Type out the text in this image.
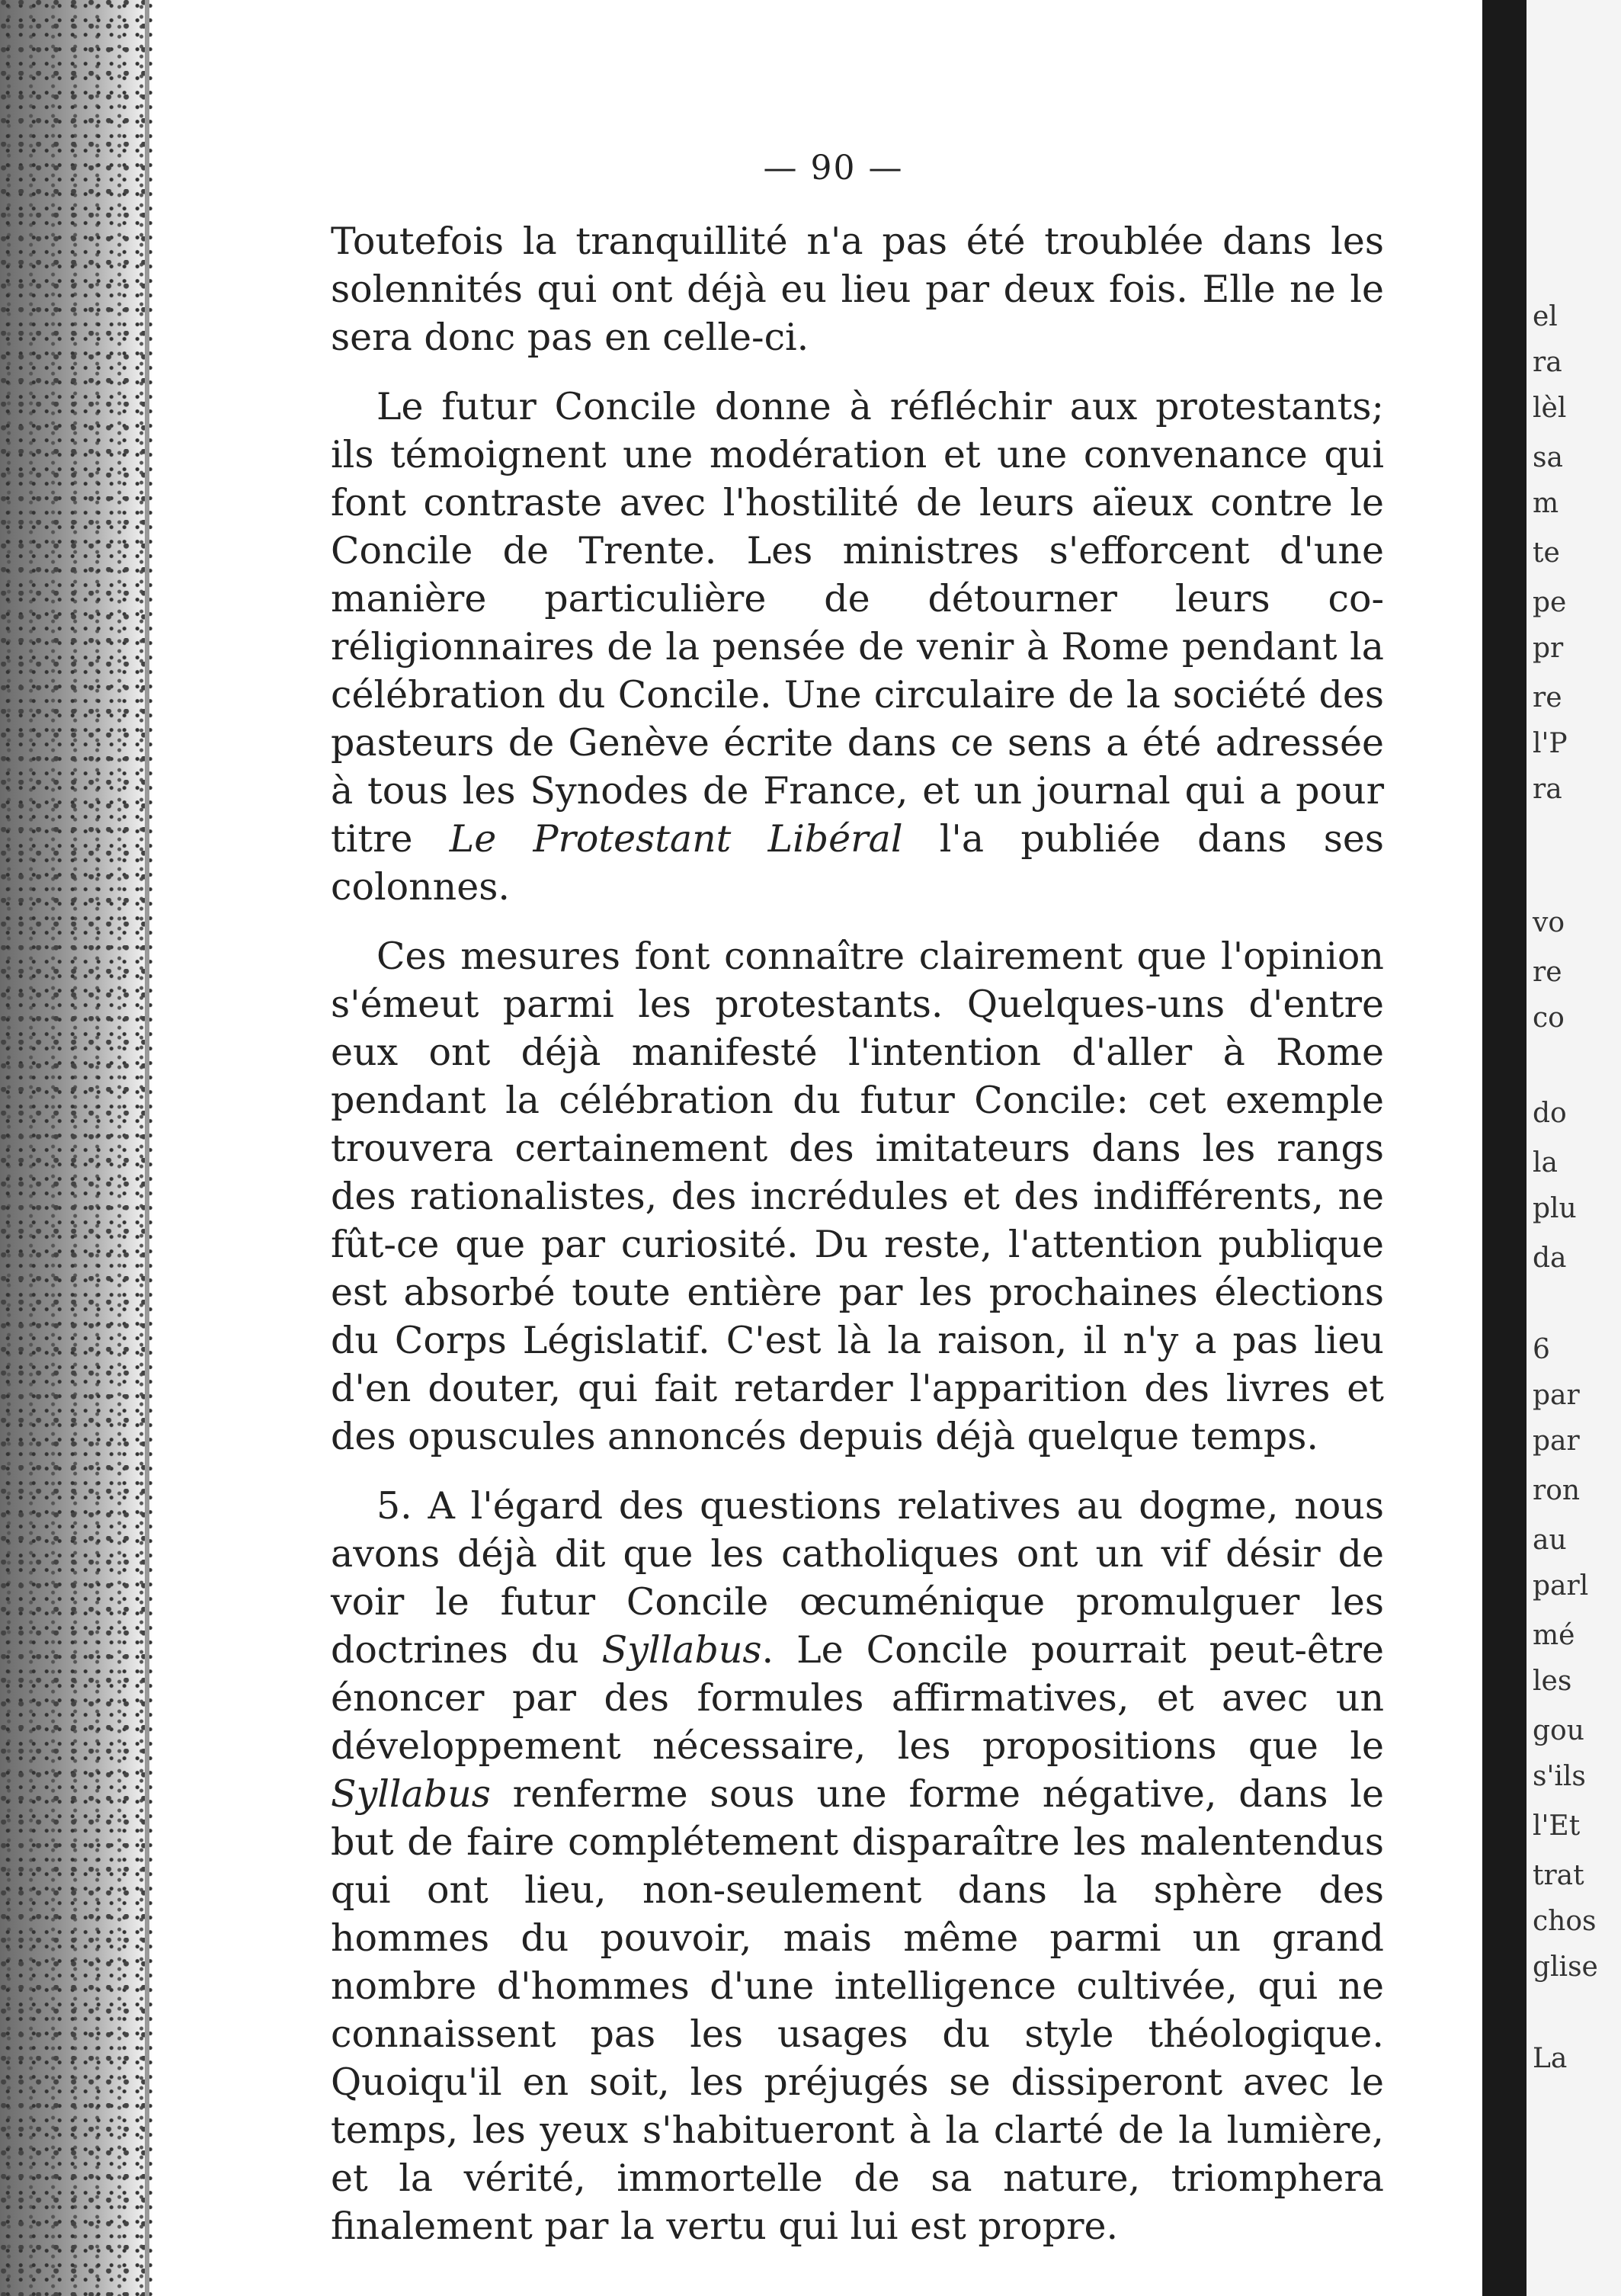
— 90 —

Toutefois la tranquillité n'a pas été troublée dans les solennités qui ont déjà eu lieu par deux fois. Elle ne le sera donc pas en celle-ci.

Le futur Concile donne à réfléchir aux protestants; ils témoignent une modération et une convenance qui font contraste avec l'hostilité de leurs aïeux contre le Concile de Trente. Les ministres s'efforcent d'une manière particulière de détourner leurs co-réligionnaires de la pensée de venir à Rome pendant la célébration du Concile. Une circulaire de la société des pasteurs de Genève écrite dans ce sens a été adressée à tous les Synodes de France, et un journal qui a pour titre Le Protestant Libéral l'a publiée dans ses colonnes.

Ces mesures font connaître clairement que l'opinion s'émeut parmi les protestants. Quelques-uns d'entre eux ont déjà manifesté l'intention d'aller à Rome pendant la célébration du futur Concile: cet exemple trouvera certainement des imitateurs dans les rangs des rationalistes, des incrédules et des indifférents, ne fût-ce que par curiosité. Du reste, l'attention publique est absorbé toute entière par les prochaines élections du Corps Législatif. C'est là la raison, il n'y a pas lieu d'en douter, qui fait retarder l'apparition des livres et des opuscules annoncés depuis déjà quelque temps.

5. A l'égard des questions relatives au dogme, nous avons déjà dit que les catholiques ont un vif désir de voir le futur Concile œcuménique promulguer les doctrines du Syllabus. Le Concile pourrait peut-être énoncer par des formules affirmatives, et avec un développement nécessaire, les propositions que le Syllabus renferme sous une forme négative, dans le but de faire complétement disparaître les malentendus qui ont lieu, non-seulement dans la sphère des hommes du pouvoir, mais même parmi un grand nombre d'hommes d'une intelligence cultivée, qui ne connaissent pas les usages du style théologique. Quoiqu'il en soit, les préjugés se dissiperont avec le temps, les yeux s'habitueront à la clarté de la lumière, et la vérité, immortelle de sa nature, triomphera finalement par la vertu qui lui est propre.

el
ra
lèl
sa
m
te
pe
pr
re
l'P
ra
vo
re
co
do
la
plu
da
6
par
par
ron
au
parl
mé
les
gou
s'ils
l'Et
trat
chos
glise
La
